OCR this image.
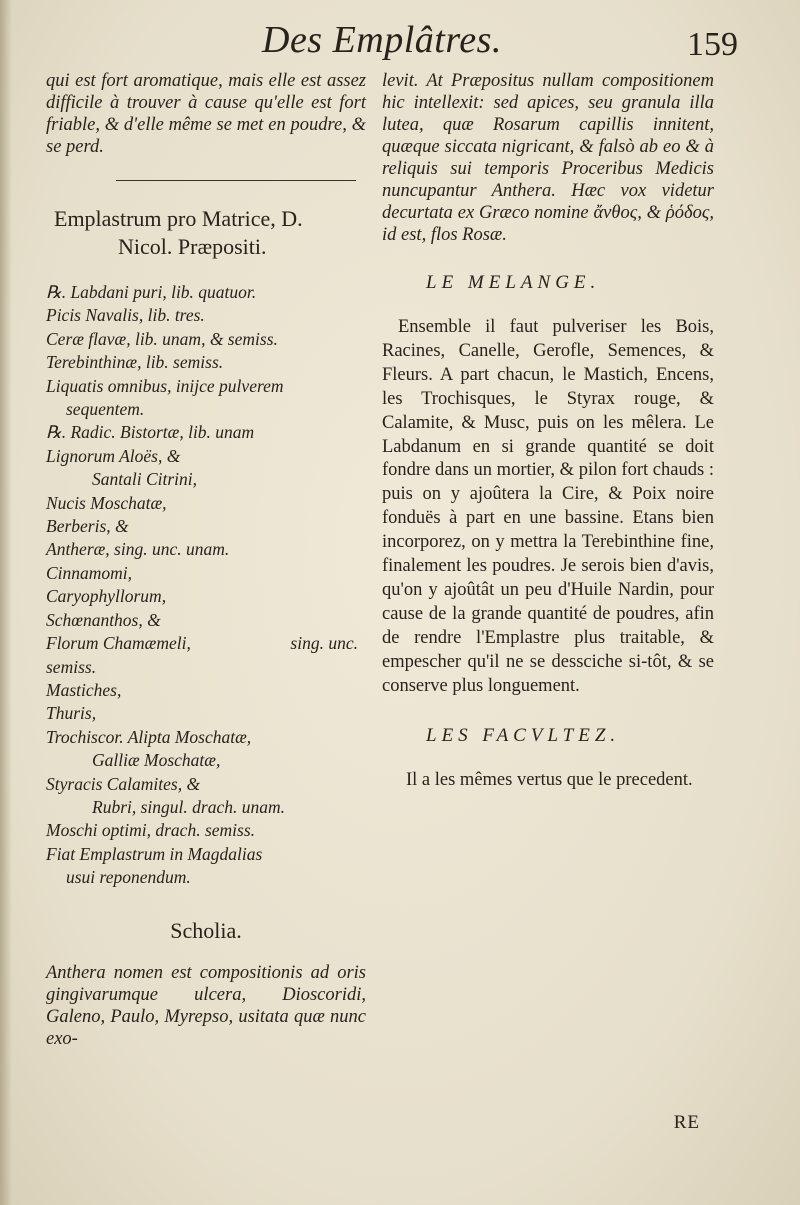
Des Emplâtres.	159

qui est fort aromatique, mais elle est assez difficile à trouver à cause qu'elle est fort friable, & d'elle même se met en poudre, & se perd.

Emplastrum pro Matrice, D.
Nicol. Præpositi.
℞. Labdani puri, lib. quatuor.
Picis Navalis, lib. tres.
Ceræ flavæ, lib. unam, & semiss.
Terebinthinæ, lib. semiss.
Liquatis omnibus, inijce pulverem
sequentem.
℞. Radic. Bistortæ, lib. unam
Lignorum Aloës, &
Santali Citrini,
Nucis Moschatæ,
Berberis, &
Antheræ, sing. unc. unam.
Cinnamomi,
Caryophyllorum,
Schœnanthos, &
Florum Chamæmeli,	sing. unc.
semiss.
Mastiches,
Thuris,
Trochiscor. Alipta Moschatæ,
Galliæ Moschatæ,
Styracis Calamites, &
Rubri, singul. drach. unam.
Moschi optimi, drach. semiss.
Fiat Emplastrum in Magdalias
usui reponendum.
Scholia.

Anthera nomen est compositionis ad oris gingivarumque ulcera, Dioscoridi, Galeno, Paulo, Myrepso, usitata quæ nunc exo-

levit. At Præpositus nullam compositionem hic intellexit: sed apices, seu granula illa lutea, quæ Rosarum capillis innitent, quæque siccata nigricant, & falsò ab eo & à reliquis sui temporis Proceribus Medicis nuncupantur Anthera. Hæc vox videtur decurtata ex Græco nomine ἄνθος, & ῥόδος, id est, flos Rosæ.

LE MELANGE.

Ensemble il faut pulveriser les Bois, Racines, Canelle, Gerofle, Semences, & Fleurs. A part chacun, le Mastich, Encens, les Trochisques, le Styrax rouge, & Calamite, & Musc, puis on les mêlera. Le Labdanum en si grande quantité se doit fondre dans un mortier, & pilon fort chauds : puis on y ajoûtera la Cire, & Poix noire fonduës à part en une bassine. Etans bien incorporez, on y mettra la Terebinthine fine, finalement les poudres. Je serois bien d'avis, qu'on y ajoûtât un peu d'Huile Nardin, pour cause de la grande quantité de poudres, afin de rendre l'Emplastre plus traitable, & empescher qu'il ne se dessciche si-tôt, & se conserve plus longuement.

LES FACVLTEZ.

Il a les mêmes vertus que le precedent.

RE
